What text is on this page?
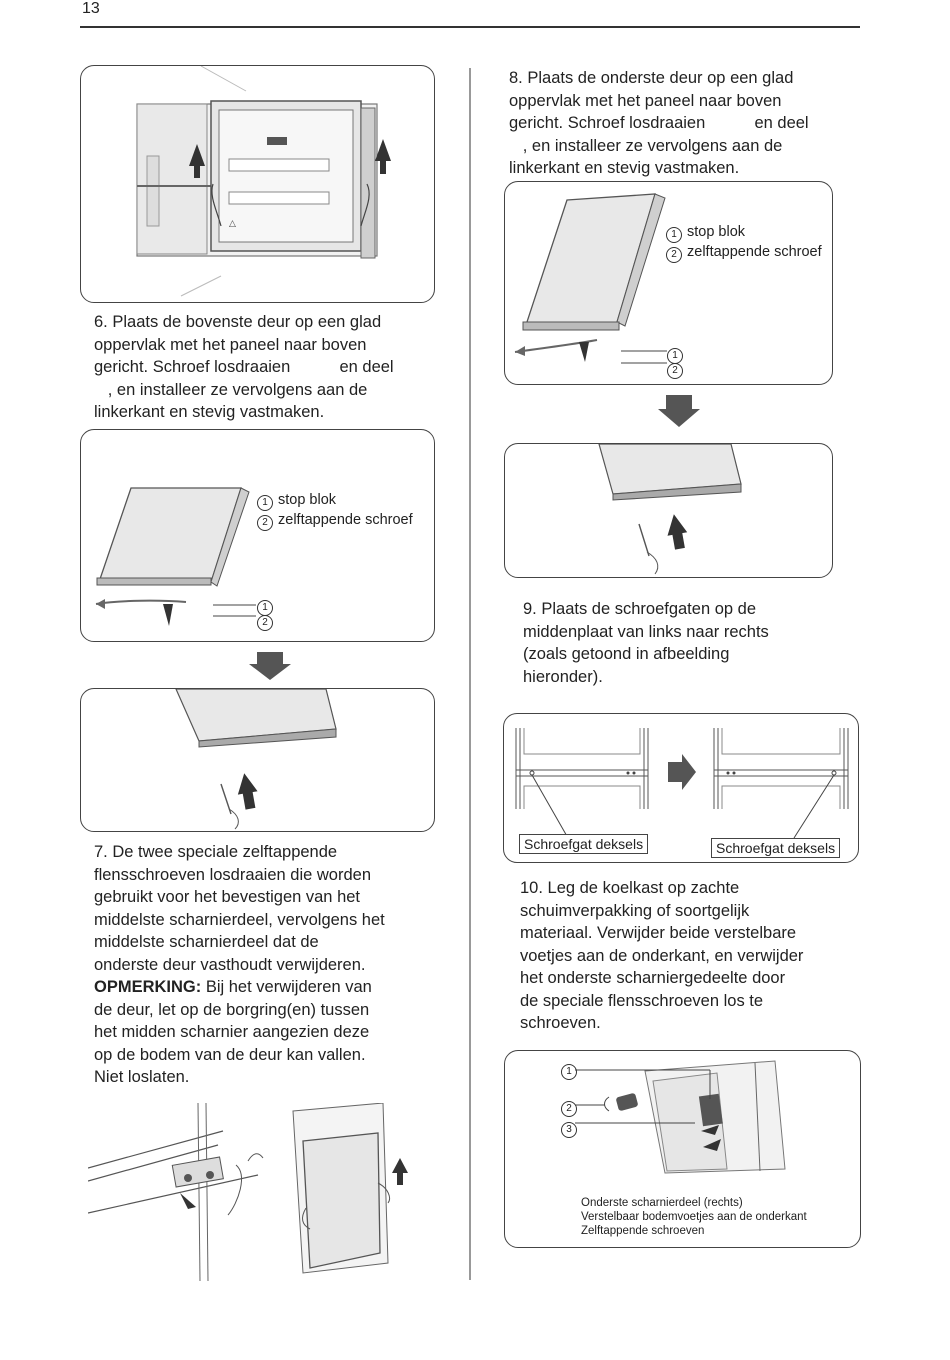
13
△
6. Plaats de bovenste deur op een glad
oppervlak met het paneel naar boven
gericht. Schroef losdraaien  en deel
, en installeer ze vervolgens aan de
linkerkant en stevig vastmaken.
1 stop blok
2 zelftappende schroef
1
2
7. De twee speciale zelftappende
flensschroeven losdraaien die worden
gebruikt voor het bevestigen van het
middelste scharnierdeel, vervolgens het
middelste scharnierdeel dat de
onderste deur vasthoudt verwijderen.
OPMERKING: Bij het verwijderen van
de deur, let op de borgring(en) tussen
het midden scharnier aangezien deze
op de bodem van de deur kan vallen.
Niet loslaten.
8. Plaats de onderste deur op een glad
oppervlak met het paneel naar boven
gericht. Schroef losdraaien  en deel
, en installeer ze vervolgens aan de
linkerkant en stevig vastmaken.
1 stop blok
2 zelftappende schroef
1
2
9. Plaats de schroefgaten op de
middenplaat van links naar rechts
(zoals getoond in afbeelding
hieronder).
Schroefgat deksels	Schroefgat deksels
10. Leg de koelkast op zachte
schuimverpakking of soortgelijk
materiaal. Verwijder beide verstelbare
voetjes aan de onderkant, en verwijder
het onderste scharniergedeelte door
de speciale flensschroeven los te
schroeven.
1
2
3
Onderste scharnierdeel (rechts)
Verstelbaar bodemvoetjes aan de onderkant
Zelftappende schroeven
